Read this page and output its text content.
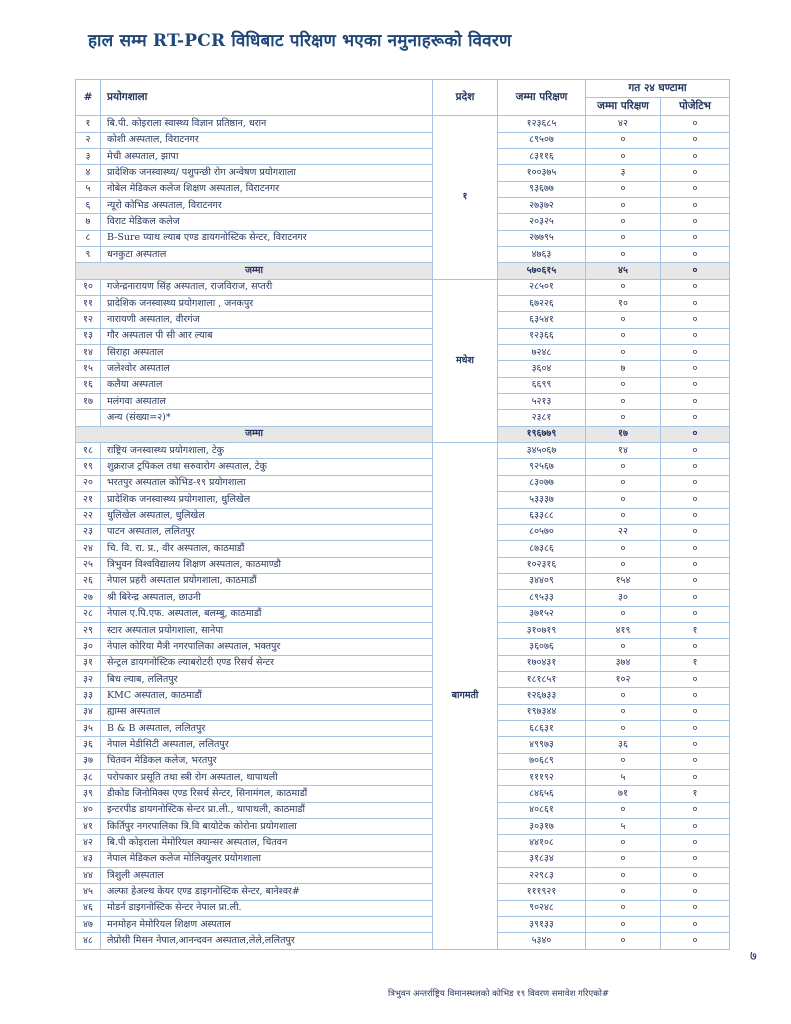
हाल सम्म RT-PCR विधिबाट परिक्षण भएका नमुनाहरूको विवरण
#	प्रयोगशाला	प्रदेश	जम्मा परिक्षण	गत २४ घण्टामा	
				जम्मा परिक्षण	पोजेटिभ
१	बि.पी. कोइराला स्वास्थ्य विज्ञान प्रतिष्ठान, धरान	१	१२३६८५	४२	०
२	कोशी अस्पताल, विराटनगर		८९५०७	०	०
३	मेची अस्पताल, झापा		८३११६	०	०
४	प्रादेशिक जनस्वास्थ्य/ पशुपन्छी रोग अन्वेषण प्रयोगशाला		१००३७५	३	०
५	नोबेल मेडिकल कलेज शिक्षण अस्पताल, विराटनगर		९३६७७	०	०
६	न्यूरो कोभिड अस्पताल, विराटनगर		२७३७२	०	०
७	विराट मेडिकल कलेज		२०३२५	०	०
८	B-Sure प्याथ ल्याब एण्ड डायगनोस्टिक सेन्टर, विराटनगर		२७७९५	०	०
९	धनकुटा अस्पताल		४७६३	०	०
जम्मा			५७०६१५	४५	०
१०	गजेन्द्रनारायण सिंह अस्पताल, राजविराज, सप्तरी	मधेश	२८५०१	०	०
११	प्रादेशिक जनस्वास्थ्य प्रयोगशाला , जनकपुर		६७२२६	१०	०
१२	नारायणी अस्पताल, वीरगंज		६३५४१	०	०
१३	गौर अस्पताल पी सी आर ल्याब		१२३६६	०	०
१४	सिराहा अस्पताल		७२४८	०	०
१५	जलेश्वोर अस्पताल		३६०४	७	०
१६	कलैया अस्पताल		६६९९	०	०
१७	मलंगवा अस्पताल		५२१३	०	०
	अन्य (संख्या=२)*		२३८१	०	०
जम्मा			१९६७७९	१७	०
१८	राष्ट्रिय जनस्वास्थ्य प्रयोगशाला, टेकु	बागमती	३४५०६७	१४	०
१९	शुक्रराज ट्रपिकल तथा सरुवारोग अस्पताल, टेकु		९२५६७	०	०
२०	भरतपुर अस्पताल कोभिड-१९ प्रयोगशाला		८३०७७	०	०
२१	प्रादेशिक जनस्वास्थ्य प्रयोगशाला, धुलिखेल		५३३३७	०	०
२२	धुलिखेल अस्पताल, धुलिखेल		६३३८८	०	०
२३	पाटन अस्पताल, ललितपुर		८०५७०	२२	०
२४	चि. वि. रा. प्र., वीर अस्पताल, काठमाडौं		८७३८६	०	०
२५	त्रिभुवन विश्वविद्यालय शिक्षण अस्पताल, काठमाण्डौ		१०२३१६	०	०
२६	नेपाल प्रहरी अस्पताल प्रयोगशाला, काठमाडौं		३४४०९	१५४	०
२७	श्री बिरेन्द्र अस्पताल, छाउनी		८९५३३	३०	०
२८	नेपाल ए.पि.एफ. अस्पताल, बलम्बु, काठमाडौं		३७१५२	०	०
२९	स्टार अस्पताल प्रयोगशाला, सानेपा		३१०७१९	४१९	१
३०	नेपाल कोरिया मैत्री नगरपालिका अस्पताल, भक्तपुर		३६०७६	०	०
३१	सेन्ट्रल डायगनोस्टिक ल्याबरोटरी एण्ड रिसर्च सेन्टर		१७०४३१	३७४	१
३२	बिध ल्याब, ललितपुर		१८१८५१	१०२	०
३३	KMC अस्पताल, काठमाडौं		१२६७३३	०	०
३४	ह्याम्स अस्पताल		१९७३४४	०	०
३५	B & B अस्पताल, ललितपुर		६८६३१	०	०
३६	नेपाल मेडीसिटी अस्पताल, ललितपुर		४९९७३	३६	०
३७	चितवन मेडिकल कलेज, भरतपुर		७०६८९	०	०
३८	परोपकार प्रसूति तथा स्त्री रोग अस्पताल, थापाथली		१११९२	५	०
३९	डीकोड जिनोमिक्स एण्ड रिसर्च सेन्टर, सिनामंगल, काठमाडौं		८४६५६	७१	१
४०	इन्टरपीड डायगनोस्टिक सेन्टर प्रा.ली., थापाथली, काठमाडौं		४०८६१	०	०
४१	किर्तिपुर नगरपालिका त्रि.वि बायोटेक कोरोना प्रयोगशाला		३०३१७	५	०
४२	बि.पी कोइराला मेमोरियल क्यान्सर अस्पताल, चितवन		४४१०८	०	०
४३	नेपाल मेडिकल कलेज मोलिक्युलर प्रयोगशाला		३१८३४	०	०
४४	त्रिशुली अस्पताल		२२९८३	०	०
४५	अल्फा हेअल्थ केयर एण्ड डाइगनोस्टिक सेन्टर, बानेश्वर#		१११९२१	०	०
४६	मोडर्न डाइगनोस्टिक सेन्टर नेपाल प्रा.ली.		९०२४८	०	०
४७	मनमोहन मेमोरियल शिक्षण अस्पताल		३९१३३	०	०
४८	लेप्रोसी मिसन नेपाल,आनन्दवन अस्पताल,लेले,ललितपुर		५३४०	०	०
७
त्रिभुवन अन्तर्राष्ट्रिय विमानस्थलको कोभिड १९ विवरण समावेश गरिएको#
